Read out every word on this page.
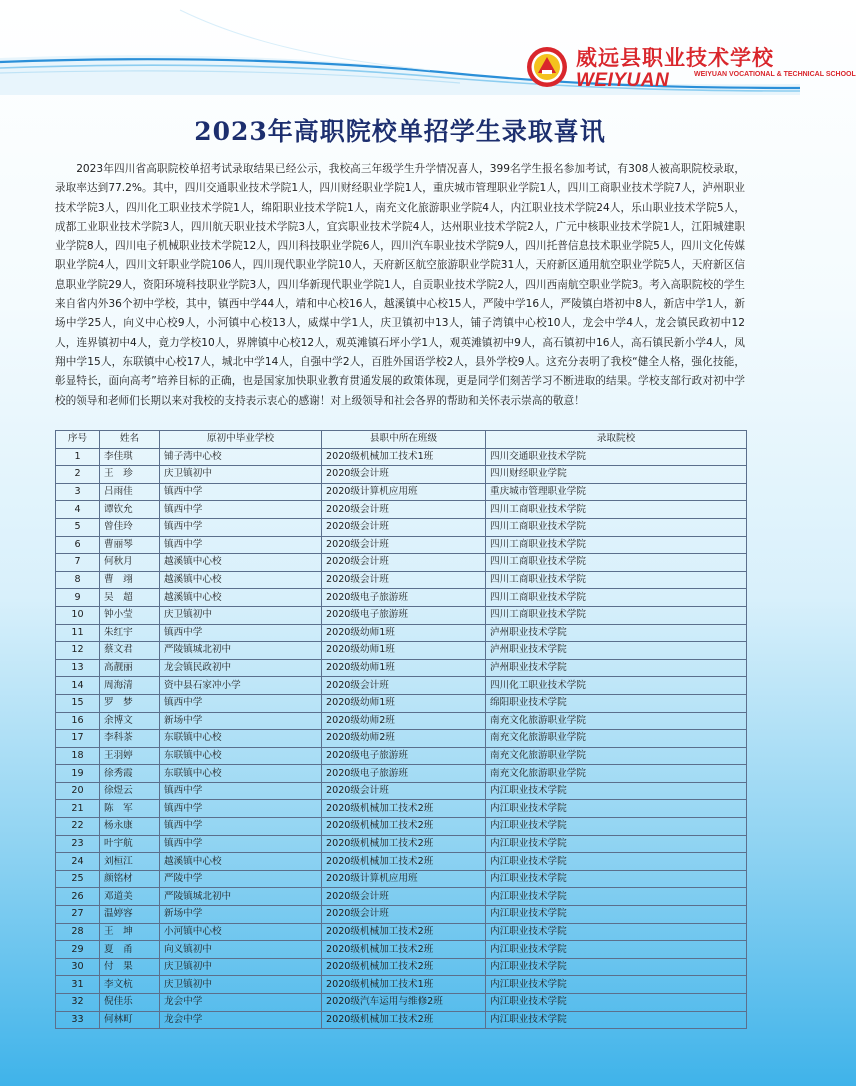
威远县职业技术学校
WEIYUAN	WEIYUAN VOCATIONAL & TECHNICAL SCHOOL
2023年高职院校单招学生录取喜讯

2023年四川省高职院校单招考试录取结果已经公示，我校高三年级学生升学情况喜人，399名学生报名参加考试，有308人被高职院校录取，录取率达到77.2%。其中，四川交通职业技术学院1人，四川财经职业学院1人，重庆城市管理职业学院1人，四川工商职业技术学院7人，泸州职业技术学院3人，四川化工职业技术学院1人，绵阳职业技术学院1人，南充文化旅游职业学院4人，内江职业技术学院24人，乐山职业技术学院5人，成都工业职业技术学院3人，四川航天职业技术学院3人，宜宾职业技术学院4人，达州职业技术学院2人，广元中核职业技术学院1人，江阳城建职业学院8人，四川电子机械职业技术学院12人，四川科技职业学院6人，四川汽车职业技术学院9人，四川托普信息技术职业学院5人，四川文化传媒职业学院4人，四川文轩职业学院106人，四川现代职业学院10人，天府新区航空旅游职业学院31人，天府新区通用航空职业学院5人，天府新区信息职业学院29人，资阳环境科技职业学院3人，四川华新现代职业学院1人，自贡职业技术学院2人，四川西南航空职业学院3。考入高职院校的学生来自省内外36个初中学校，其中，镇西中学44人，靖和中心校16人，越溪镇中心校15人，严陵中学16人，严陵镇白塔初中8人，新店中学1人，新场中学25人，向义中心校9人，小河镇中心校13人，威煤中学1人，庆卫镇初中13人，铺子湾镇中心校10人，龙会中学4人，龙会镇民政初中12人，连界镇初中4人，竟力学校10人，界牌镇中心校12人，观英滩镇石坪小学1人，观英滩镇初中9人，高石镇初中16人，高石镇民新小学4人，凤翔中学15人，东联镇中心校17人，城北中学14人，自强中学2人，百胜外国语学校2人，县外学校9人。这充分表明了我校“健全人格，强化技能，彰显特长，面向高考”培养目标的正确，也是国家加快职业教育贯通发展的政策体现，更是同学们刻苦学习不断进取的结果。学校支部行政对初中学校的领导和老师们长期以来对我校的支持表示衷心的感谢！对上级领导和社会各界的帮助和关怀表示崇高的敬意！

序号	姓名	原初中毕业学校	县职中所在班级	录取院校
1	李佳琪	铺子湾中心校	2020级机械加工技术1班	四川交通职业技术学院
2	王　珍	庆卫镇初中	2020级会计班	四川财经职业学院
3	吕雨佳	镇西中学	2020级计算机应用班	重庆城市管理职业学院
4	谭钦允	镇西中学	2020级会计班	四川工商职业技术学院
5	曾佳玲	镇西中学	2020级会计班	四川工商职业技术学院
6	曹丽琴	镇西中学	2020级会计班	四川工商职业技术学院
7	何秋月	越溪镇中心校	2020级会计班	四川工商职业技术学院
8	曹　翊	越溪镇中心校	2020级会计班	四川工商职业技术学院
9	吴　超	越溪镇中心校	2020级电子旅游班	四川工商职业技术学院
10	钟小莹	庆卫镇初中	2020级电子旅游班	四川工商职业技术学院
11	朱红宇	镇西中学	2020级幼师1班	泸州职业技术学院
12	蔡文君	严陵镇城北初中	2020级幼师1班	泸州职业技术学院
13	高靓丽	龙会镇民政初中	2020级幼师1班	泸州职业技术学院
14	周海清	资中县石家冲小学	2020级会计班	四川化工职业技术学院
15	罗　梦	镇西中学	2020级幼师1班	绵阳职业技术学院
16	余博文	新场中学	2020级幼师2班	南充文化旅游职业学院
17	李科茶	东联镇中心校	2020级幼师2班	南充文化旅游职业学院
18	王羽婷	东联镇中心校	2020级电子旅游班	南充文化旅游职业学院
19	徐秀霞	东联镇中心校	2020级电子旅游班	南充文化旅游职业学院
20	徐煜云	镇西中学	2020级会计班	内江职业技术学院
21	陈　军	镇西中学	2020级机械加工技术2班	内江职业技术学院
22	杨永康	镇西中学	2020级机械加工技术2班	内江职业技术学院
23	叶宇航	镇西中学	2020级机械加工技术2班	内江职业技术学院
24	刘桓江	越溪镇中心校	2020级机械加工技术2班	内江职业技术学院
25	颜铭材	严陵中学	2020级计算机应用班	内江职业技术学院
26	邓道美	严陵镇城北初中	2020级会计班	内江职业技术学院
27	温婷容	新场中学	2020级会计班	内江职业技术学院
28	王　坤	小河镇中心校	2020级机械加工技术2班	内江职业技术学院
29	夏　甬	向义镇初中	2020级机械加工技术2班	内江职业技术学院
30	付　果	庆卫镇初中	2020级机械加工技术2班	内江职业技术学院
31	李文杭	庆卫镇初中	2020级机械加工技术1班	内江职业技术学院
32	倪佳乐	龙会中学	2020级汽车运用与维修2班	内江职业技术学院
33	何林町	龙会中学	2020级机械加工技术2班	内江职业技术学院
